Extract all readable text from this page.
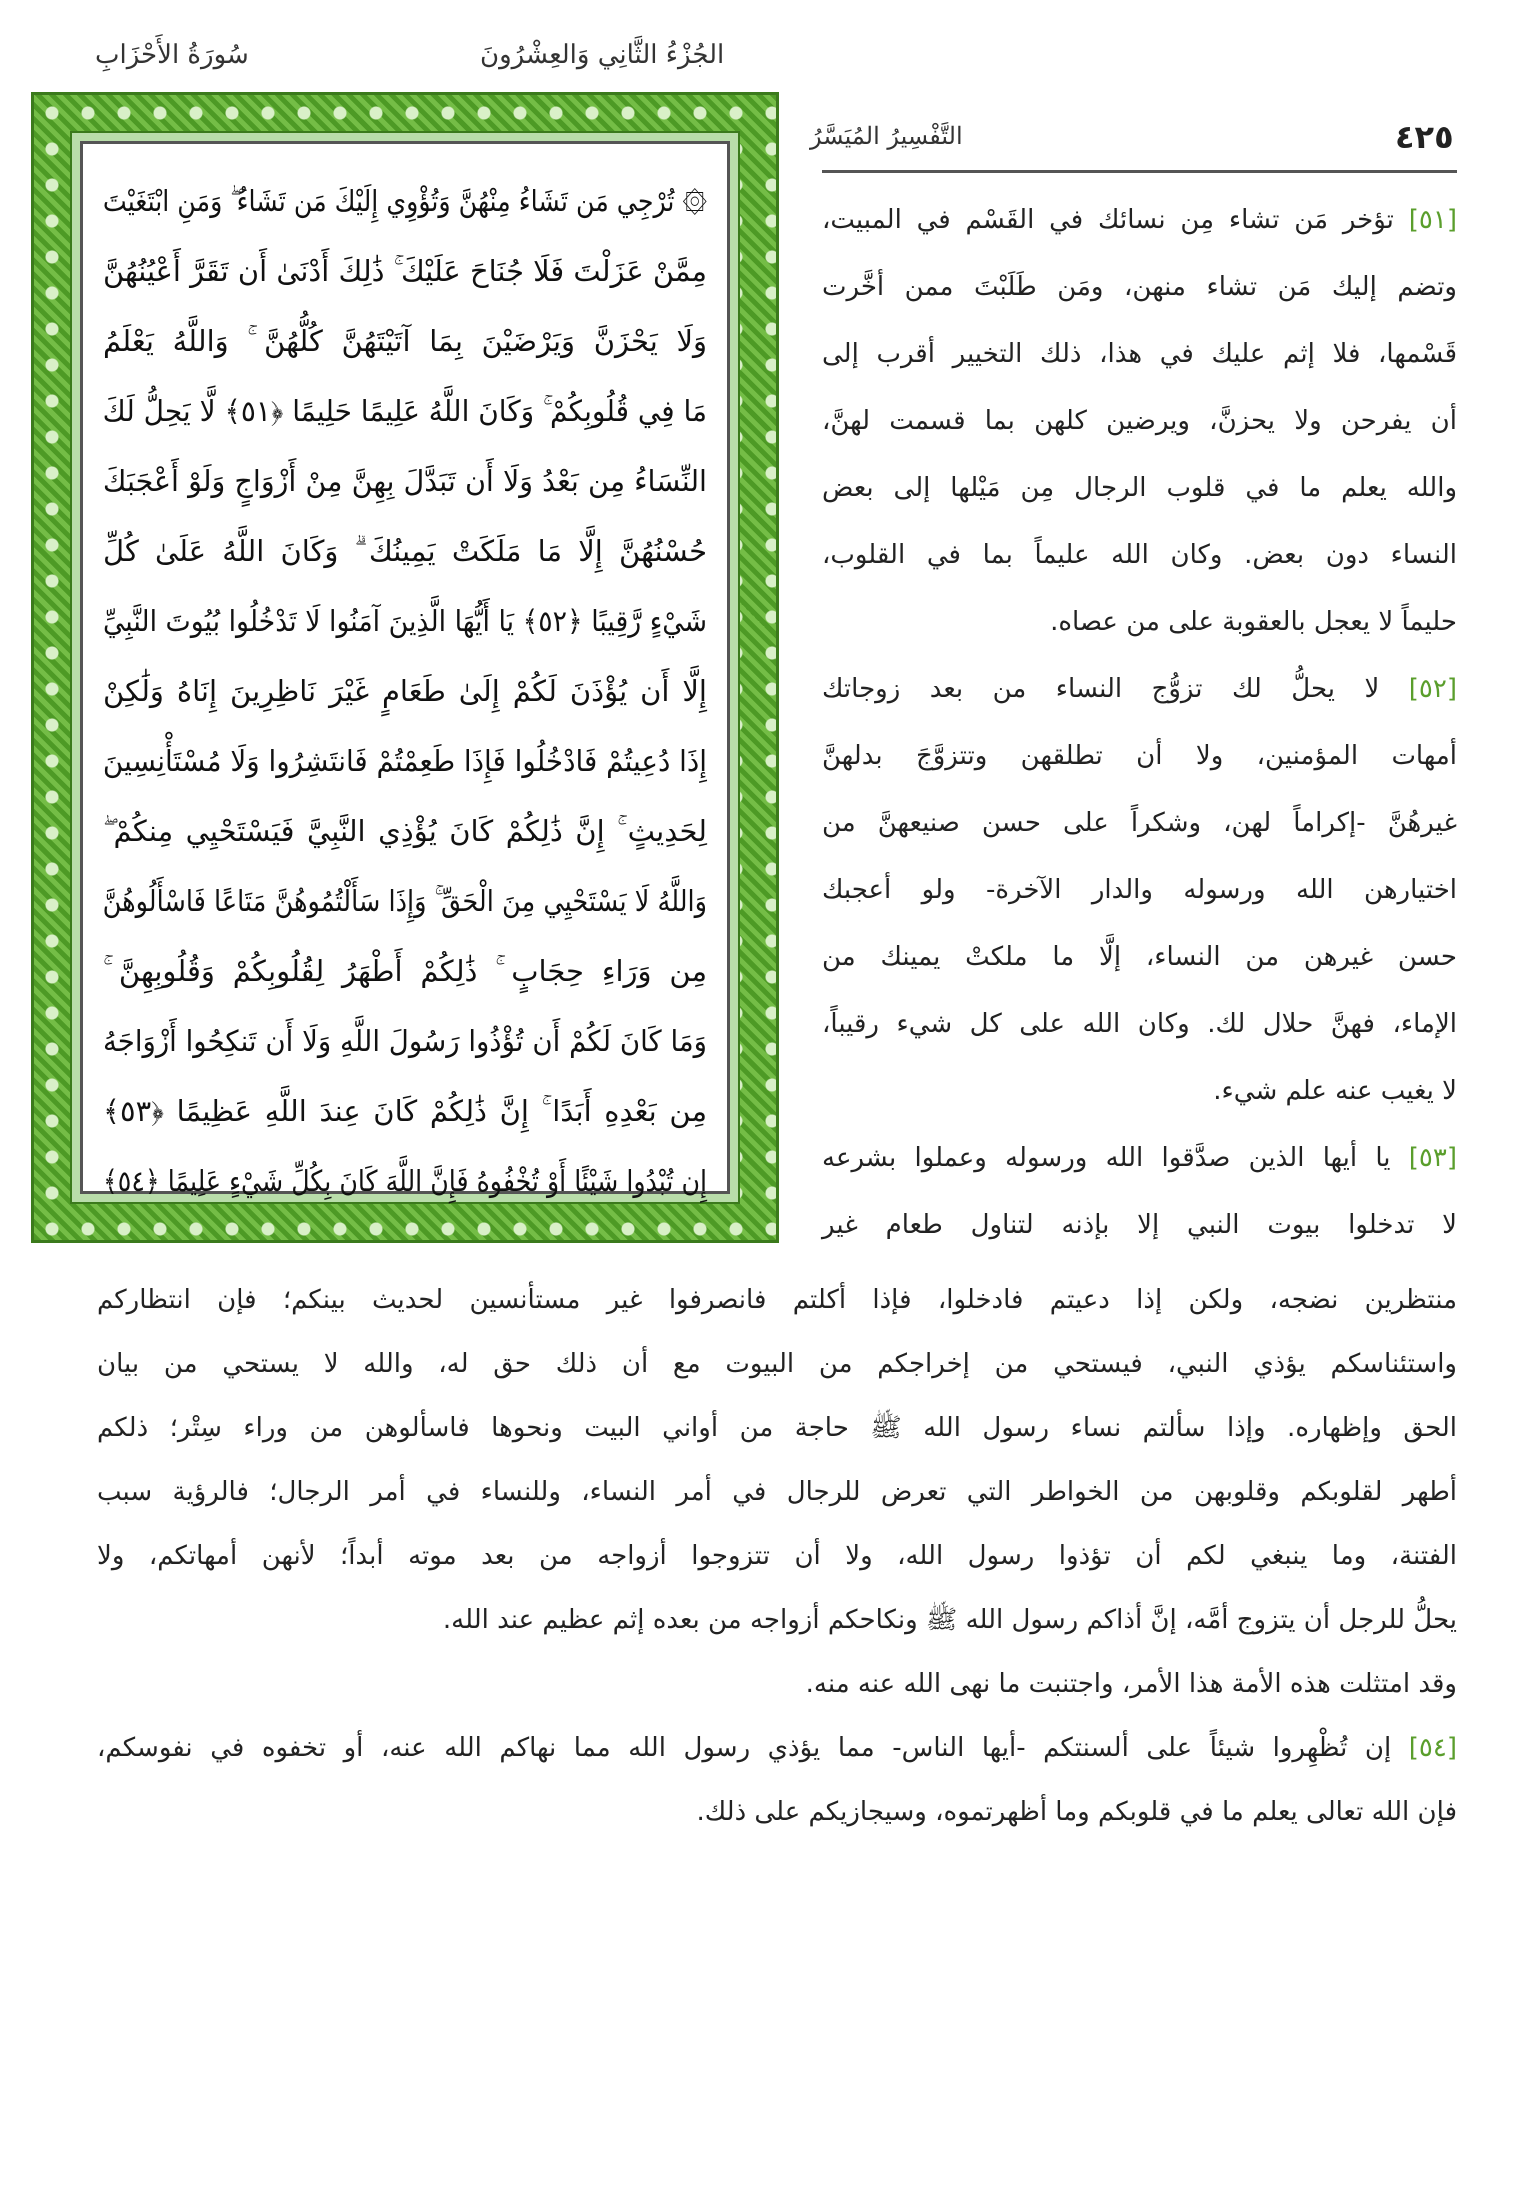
سُورَةُ الأَحْزَابِ	الجُزْءُ الثَّانِي وَالعِشْرُونَ
۞ تُرْجِي مَن تَشَاءُ مِنْهُنَّ وَتُؤْوِي إِلَيْكَ مَن تَشَاءُ ۖ وَمَنِ ابْتَغَيْتَ
مِمَّنْ عَزَلْتَ فَلَا جُنَاحَ عَلَيْكَ ۚ ذَٰلِكَ أَدْنَىٰ أَن تَقَرَّ أَعْيُنُهُنَّ
وَلَا يَحْزَنَّ وَيَرْضَيْنَ بِمَا آتَيْتَهُنَّ كُلُّهُنَّ ۚ وَاللَّهُ يَعْلَمُ
مَا فِي قُلُوبِكُمْ ۚ وَكَانَ اللَّهُ عَلِيمًا حَلِيمًا ﴿٥١﴾ لَّا يَحِلُّ لَكَ
النِّسَاءُ مِن بَعْدُ وَلَا أَن تَبَدَّلَ بِهِنَّ مِنْ أَزْوَاجٍ وَلَوْ أَعْجَبَكَ
حُسْنُهُنَّ إِلَّا مَا مَلَكَتْ يَمِينُكَ ۗ وَكَانَ اللَّهُ عَلَىٰ كُلِّ
شَيْءٍ رَّقِيبًا ﴿٥٢﴾ يَا أَيُّهَا الَّذِينَ آمَنُوا لَا تَدْخُلُوا بُيُوتَ النَّبِيِّ
إِلَّا أَن يُؤْذَنَ لَكُمْ إِلَىٰ طَعَامٍ غَيْرَ نَاظِرِينَ إِنَاهُ وَلَٰكِنْ
إِذَا دُعِيتُمْ فَادْخُلُوا فَإِذَا طَعِمْتُمْ فَانتَشِرُوا وَلَا مُسْتَأْنِسِينَ
لِحَدِيثٍ ۚ إِنَّ ذَٰلِكُمْ كَانَ يُؤْذِي النَّبِيَّ فَيَسْتَحْيِي مِنكُمْ ۖ
وَاللَّهُ لَا يَسْتَحْيِي مِنَ الْحَقِّ ۚ وَإِذَا سَأَلْتُمُوهُنَّ مَتَاعًا فَاسْأَلُوهُنَّ
مِن وَرَاءِ حِجَابٍ ۚ ذَٰلِكُمْ أَطْهَرُ لِقُلُوبِكُمْ وَقُلُوبِهِنَّ ۚ
وَمَا كَانَ لَكُمْ أَن تُؤْذُوا رَسُولَ اللَّهِ وَلَا أَن تَنكِحُوا أَزْوَاجَهُ
مِن بَعْدِهِ أَبَدًا ۚ إِنَّ ذَٰلِكُمْ كَانَ عِندَ اللَّهِ عَظِيمًا ﴿٥٣﴾
إِن تُبْدُوا شَيْئًا أَوْ تُخْفُوهُ فَإِنَّ اللَّهَ كَانَ بِكُلِّ شَيْءٍ عَلِيمًا ﴿٥٤﴾
٤٢٥
التَّفْسِيرُ المُيَسَّرُ
[٥١] تؤخر مَن تشاء مِن نسائك في القَسْم في المبيت،
وتضم إليك مَن تشاء منهن، ومَن طَلَبْتَ ممن أخَّرت
قَسْمها، فلا إثم عليك في هذا، ذلك التخيير أقرب إلى
أن يفرحن ولا يحزنَّ، ويرضين كلهن بما قسمت لهنَّ،
والله يعلم ما في قلوب الرجال مِن مَيْلها إلى بعض
النساء دون بعض. وكان الله عليماً بما في القلوب،
حليماً لا يعجل بالعقوبة على من عصاه.
[٥٢] لا يحلُّ لك تزوُّج النساء من بعد زوجاتك
أمهات المؤمنين، ولا أن تطلقهن وتتزوَّجَ بدلهنَّ
غيرهُنَّ -إكراماً لهن، وشكراً على حسن صنيعهنَّ من
اختيارهن الله ورسوله والدار الآخرة- ولو أعجبك
حسن غيرهن من النساء، إلَّا ما ملكتْ يمينك من
الإماء، فهنَّ حلال لك. وكان الله على كل شيء رقيباً،
لا يغيب عنه علم شيء.
[٥٣] يا أيها الذين صدَّقوا الله ورسوله وعملوا بشرعه
لا تدخلوا بيوت النبي إلا بإذنه لتناول طعام غير
منتظرين نضجه، ولكن إذا دعيتم فادخلوا، فإذا أكلتم فانصرفوا غير مستأنسين لحديث بينكم؛ فإن انتظاركم
واستئناسكم يؤذي النبي، فيستحي من إخراجكم من البيوت مع أن ذلك حق له، والله لا يستحي من بيان
الحق وإظهاره. وإذا سألتم نساء رسول الله ﷺ حاجة من أواني البيت ونحوها فاسألوهن من وراء سِتْر؛ ذلكم
أطهر لقلوبكم وقلوبهن من الخواطر التي تعرض للرجال في أمر النساء، وللنساء في أمر الرجال؛ فالرؤية سبب
الفتنة، وما ينبغي لكم أن تؤذوا رسول الله، ولا أن تتزوجوا أزواجه من بعد موته أبداً؛ لأنهن أمهاتكم، ولا
يحلُّ للرجل أن يتزوج أمَّه، إنَّ أذاكم رسول الله ﷺ ونكاحكم أزواجه من بعده إثم عظيم عند الله.
وقد امتثلت هذه الأمة هذا الأمر، واجتنبت ما نهى الله عنه منه.
[٥٤] إن تُظْهِروا شيئاً على ألسنتكم -أيها الناس- مما يؤذي رسول الله مما نهاكم الله عنه، أو تخفوه في نفوسكم،
فإن الله تعالى يعلم ما في قلوبكم وما أظهرتموه، وسيجازيكم على ذلك.
